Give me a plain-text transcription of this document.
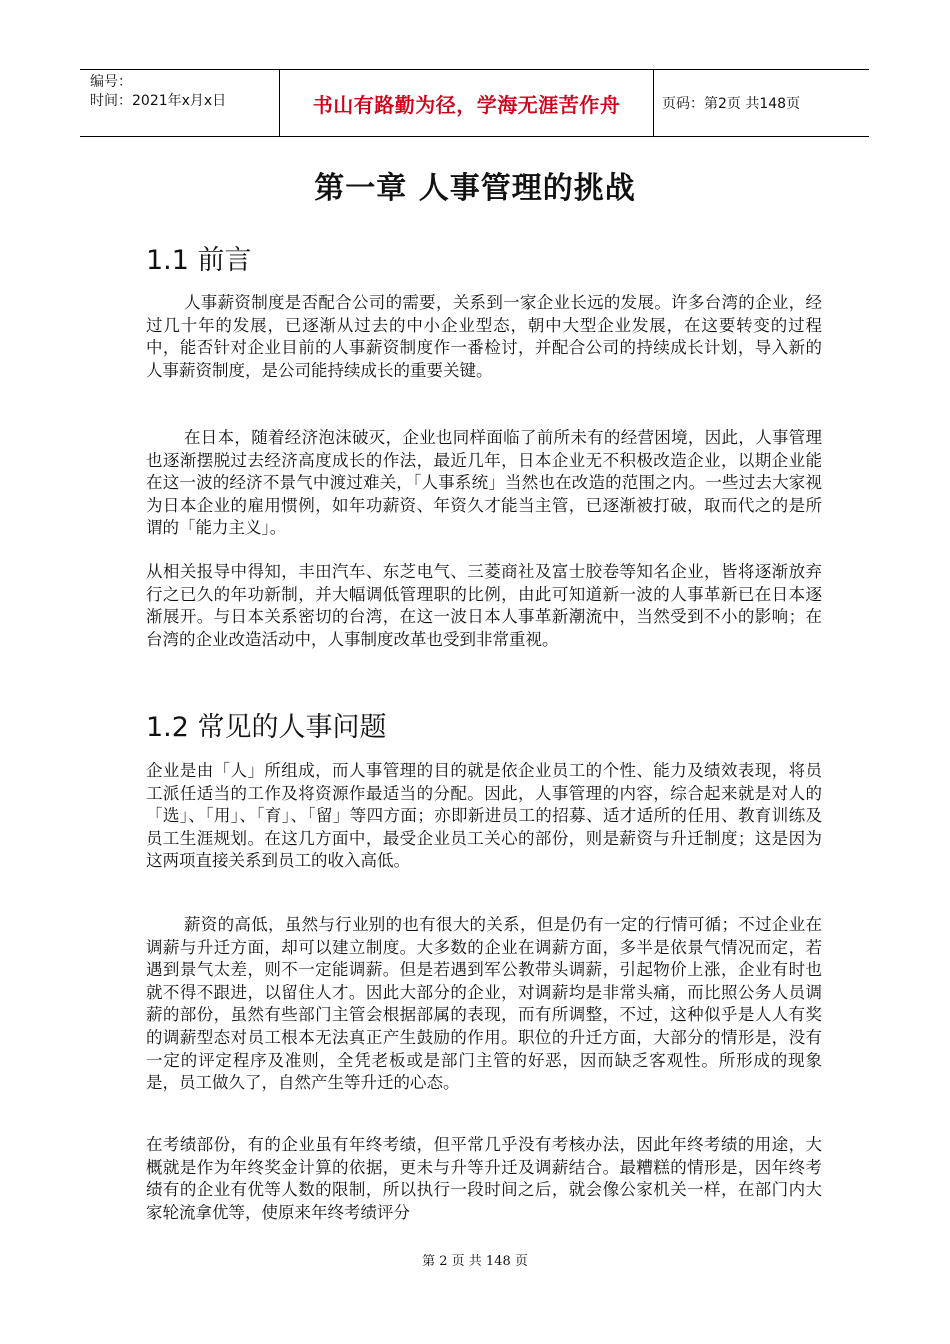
编号：
时间：2021年x月x日	书山有路勤为径，学海无涯苦作舟	页码：第2页 共148页
第一章 人事管理的挑战
1.1 前言

人事薪资制度是否配合公司的需要，关系到一家企业长远的发展。许多台湾的企业，经过几十年的发展，已逐渐从过去的中小企业型态，朝中大型企业发展，在这要转变的过程中，能否针对企业目前的人事薪资制度作一番检讨，并配合公司的持续成长计划，导入新的人事薪资制度，是公司能持续成长的重要关键。

在日本，随着经济泡沫破灭，企业也同样面临了前所未有的经营困境，因此，人事管理也逐渐摆脱过去经济高度成长的作法，最近几年，日本企业无不积极改造企业，以期企业能在这一波的经济不景气中渡过难关，「人事系统」当然也在改造的范围之内。一些过去大家视为日本企业的雇用惯例，如年功薪资、年资久才能当主管，已逐渐被打破，取而代之的是所谓的「能力主义」。

从相关报导中得知，丰田汽车、东芝电气、三菱商社及富士胶卷等知名企业，皆将逐渐放弃行之已久的年功新制，并大幅调低管理职的比例，由此可知道新一波的人事革新已在日本逐渐展开。与日本关系密切的台湾，在这一波日本人事革新潮流中，当然受到不小的影响；在台湾的企业改造活动中，人事制度改革也受到非常重视。

1.2 常见的人事问题

企业是由「人」所组成，而人事管理的目的就是依企业员工的个性、能力及绩效表现，将员工派任适当的工作及将资源作最适当的分配。因此，人事管理的内容，综合起来就是对人的「选」、「用」、「育」、「留」等四方面；亦即新进员工的招募、适才适所的任用、教育训练及员工生涯规划。在这几方面中，最受企业员工关心的部份，则是薪资与升迁制度；这是因为这两项直接关系到员工的收入高低。

薪资的高低，虽然与行业别的也有很大的关系，但是仍有一定的行情可循；不过企业在调薪与升迁方面，却可以建立制度。大多数的企业在调薪方面，多半是依景气情况而定，若遇到景气太差，则不一定能调薪。但是若遇到军公教带头调薪，引起物价上涨，企业有时也就不得不跟进，以留住人才。因此大部分的企业，对调薪均是非常头痛，而比照公务人员调薪的部份，虽然有些部门主管会根据部属的表现，而有所调整，不过，这种似乎是人人有奖的调薪型态对员工根本无法真正产生鼓励的作用。职位的升迁方面，大部分的情形是，没有一定的评定程序及准则，全凭老板或是部门主管的好恶，因而缺乏客观性。所形成的现象是，员工做久了，自然产生等升迁的心态。

在考绩部份，有的企业虽有年终考绩，但平常几乎没有考核办法，因此年终考绩的用途，大概就是作为年终奖金计算的依据，更未与升等升迁及调薪结合。最糟糕的情形是，因年终考绩有的企业有优等人数的限制，所以执行一段时间之后，就会像公家机关一样，在部门内大家轮流拿优等，使原来年终考绩评分

第 2 页 共 148 页
